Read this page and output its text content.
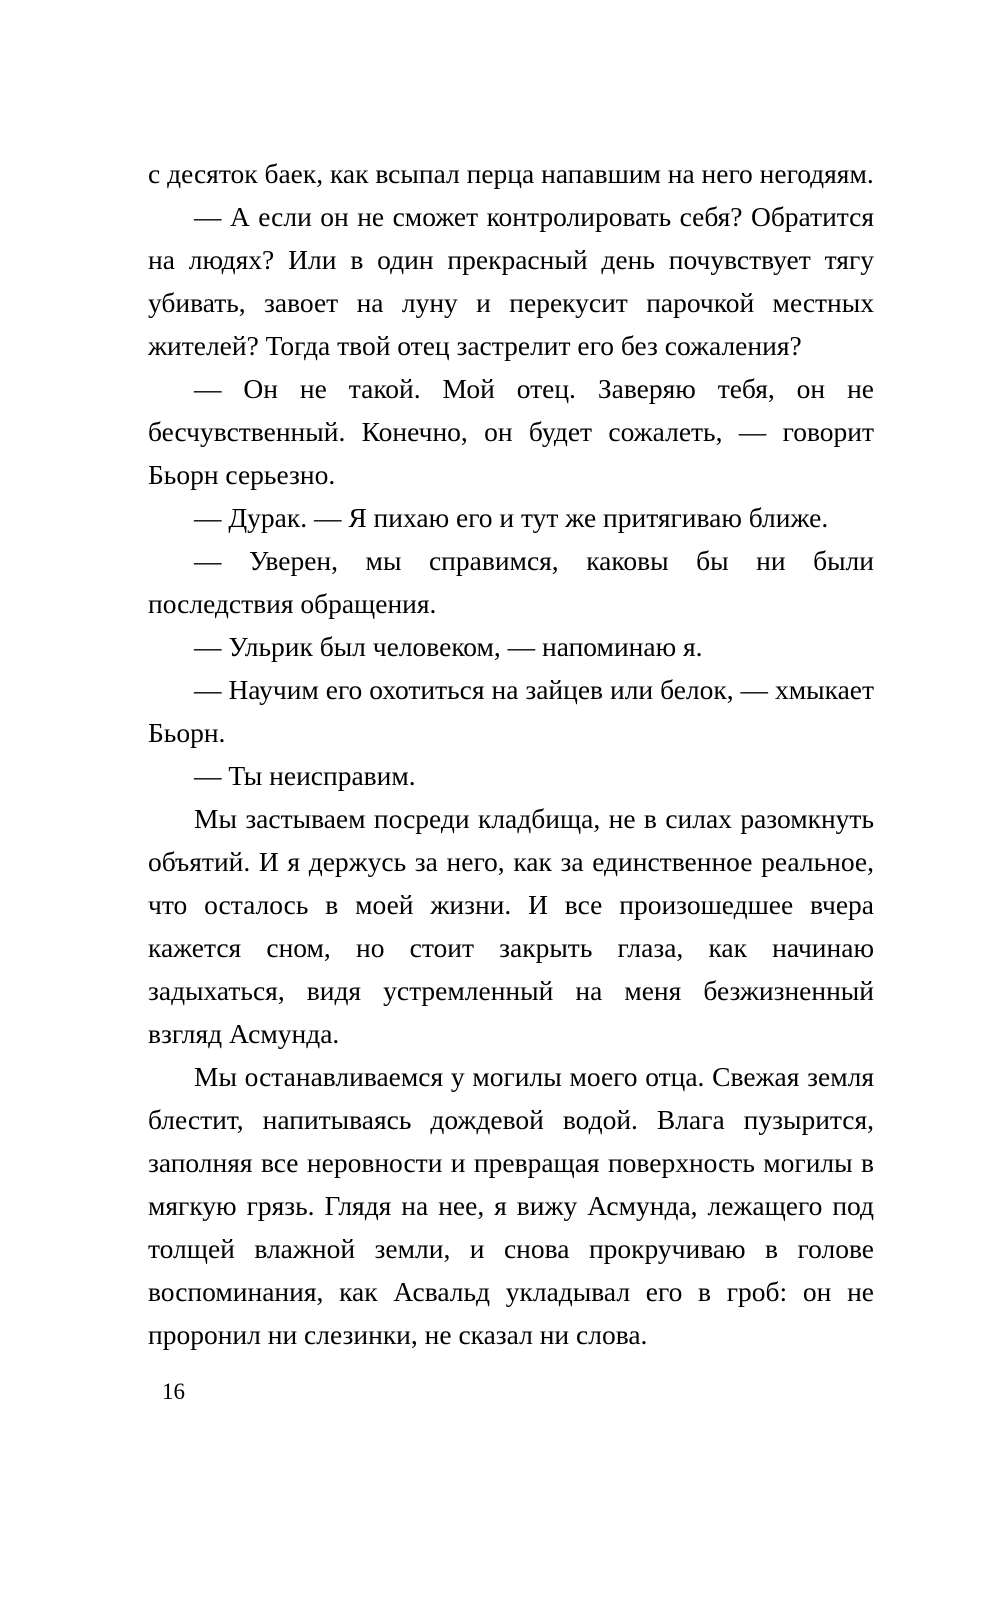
с десяток баек, как всыпал перца напавшим на него негодяям.

— А если он не сможет контролировать себя? Обратится на людях? Или в один прекрасный день почувствует тягу убивать, завоет на луну и перекусит парочкой местных жителей? Тогда твой отец застрелит его без сожаления?

— Он не такой. Мой отец. Заверяю тебя, он не бесчувственный. Конечно, он будет сожалеть, — говорит Бьорн серьезно.

— Дурак. — Я пихаю его и тут же притягиваю ближе.

— Уверен, мы справимся, каковы бы ни были последствия обращения.

— Ульрик был человеком, — напоминаю я.

— Научим его охотиться на зайцев или белок, — хмыкает Бьорн.

— Ты неисправим.

Мы застываем посреди кладбища, не в силах разомкнуть объятий. И я держусь за него, как за единственное реальное, что осталось в моей жизни. И все произошедшее вчера кажется сном, но стоит закрыть глаза, как начинаю задыхаться, видя устремленный на меня безжизненный взгляд Асмунда.

Мы останавливаемся у могилы моего отца. Свежая земля блестит, напитываясь дождевой водой. Влага пузырится, заполняя все неровности и превращая поверхность могилы в мягкую грязь. Глядя на нее, я вижу Асмунда, лежащего под толщей влажной земли, и снова прокручиваю в голове воспоминания, как Асвальд укладывал его в гроб: он не проронил ни слезинки, не сказал ни слова.

16
